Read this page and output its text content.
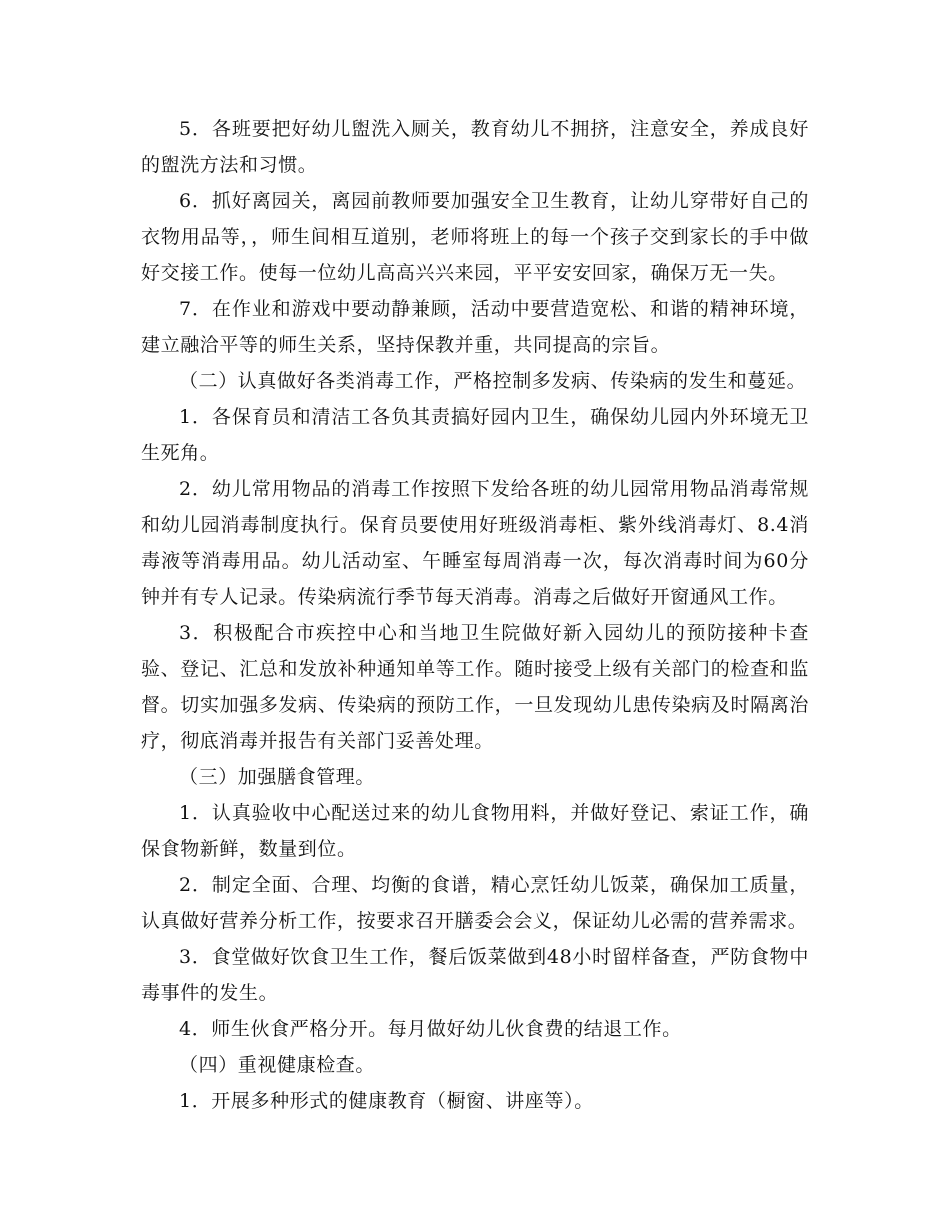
5．各班要把好幼儿盥洗入厕关，教育幼儿不拥挤，注意安全，养成良好的盥洗方法和习惯。

6．抓好离园关，离园前教师要加强安全卫生教育，让幼儿穿带好自己的衣物用品等，，师生间相互道别，老师将班上的每一个孩子交到家长的手中做好交接工作。使每一位幼儿高高兴兴来园，平平安安回家，确保万无一失。

7．在作业和游戏中要动静兼顾，活动中要营造宽松、和谐的精神环境，建立融洽平等的师生关系，坚持保教并重，共同提高的宗旨。

（二）认真做好各类消毒工作，严格控制多发病、传染病的发生和蔓延。

1．各保育员和清洁工各负其责搞好园内卫生，确保幼儿园内外环境无卫生死角。

2．幼儿常用物品的消毒工作按照下发给各班的幼儿园常用物品消毒常规和幼儿园消毒制度执行。保育员要使用好班级消毒柜、紫外线消毒灯、8.4消毒液等消毒用品。幼儿活动室、午睡室每周消毒一次，每次消毒时间为60分钟并有专人记录。传染病流行季节每天消毒。消毒之后做好开窗通风工作。

3．积极配合市疾控中心和当地卫生院做好新入园幼儿的预防接种卡查验、登记、汇总和发放补种通知单等工作。随时接受上级有关部门的检查和监督。切实加强多发病、传染病的预防工作，一旦发现幼儿患传染病及时隔离治疗，彻底消毒并报告有关部门妥善处理。

（三）加强膳食管理。

1．认真验收中心配送过来的幼儿食物用料，并做好登记、索证工作，确保食物新鲜，数量到位。

2．制定全面、合理、均衡的食谱，精心烹饪幼儿饭菜，确保加工质量，认真做好营养分析工作，按要求召开膳委会会义，保证幼儿必需的营养需求。

3．食堂做好饮食卫生工作，餐后饭菜做到48小时留样备查，严防食物中毒事件的发生。

4．师生伙食严格分开。每月做好幼儿伙食费的结退工作。

（四）重视健康检查。

1．开展多种形式的健康教育（橱窗、讲座等）。
